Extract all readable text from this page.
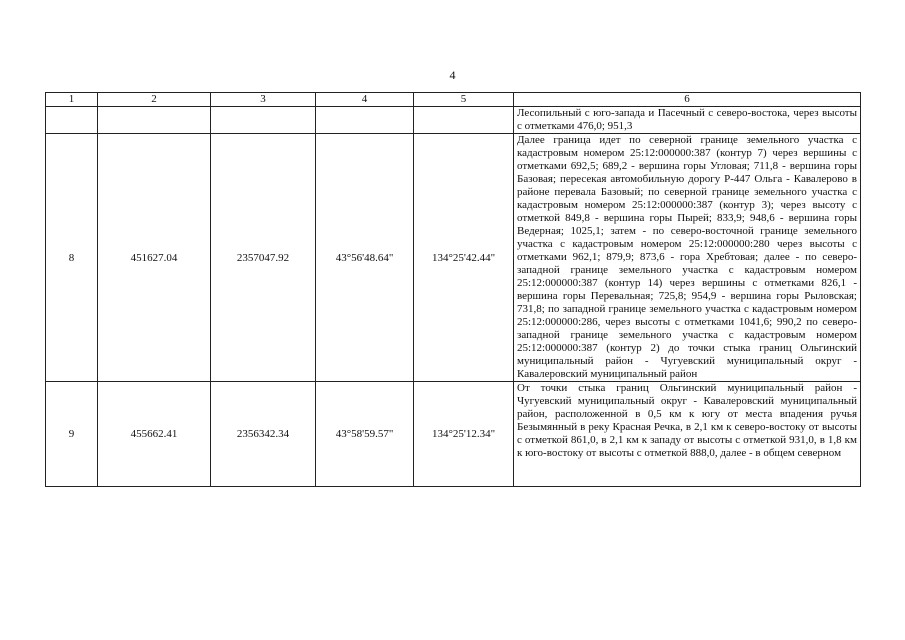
4
1	2	3	4	5	6
					Лесопильный с юго-запада и Пасечный с северо-востока, через высоты с отметками 476,0; 951,3
8	451627.04	2357047.92	43°56'48.64"	134°25'42.44"	Далее граница идет по северной границе земельного участка с кадастровым номером 25:12:000000:387 (контур 7) через вершины с отметками 692,5; 689,2 - вершина горы Угловая; 711,8 - вершина горы Базовая; пересекая автомобильную дорогу Р-447 Ольга - Кавалерово в районе перевала Базовый; по северной границе земельного участка с кадастровым номером 25:12:000000:387 (контур 3); через высоту с отметкой 849,8 - вершина горы Пырей; 833,9; 948,6 - вершина горы Ведерная; 1025,1; затем - по северо-восточной границе земельного участка с кадастровым номером 25:12:000000:280 через высоты с отметками 962,1; 879,9; 873,6 - гора Хребтовая; далее - по северо-западной границе земельного участка с кадастровым номером 25:12:000000:387 (контур 14) через вершины с отметками 826,1 - вершина горы Перевальная; 725,8; 954,9 - вершина горы Рыловская; 731,8; по западной границе земельного участка с кадастровым номером 25:12:000000:286, через высоты с отметками 1041,6; 990,2 по северо-западной границе земельного участка с кадастровым номером 25:12:000000:387 (контур 2) до точки стыка границ Ольгинский муниципальный район - Чугуевский муниципальный округ - Кавалеровский муниципальный район
9	455662.41	2356342.34	43°58'59.57"	134°25'12.34"	От точки стыка границ Ольгинский муниципальный район - Чугуевский муниципальный округ - Кавалеровский муниципальный район, расположенной в 0,5 км к югу от места впадения ручья Безымянный в реку Красная Речка, в 2,1 км к северо-востоку от высоты с отметкой 861,0, в 2,1 км к западу от высоты с отметкой 931,0, в 1,8 км к юго-востоку от высоты с отметкой 888,0, далее - в общем северном
